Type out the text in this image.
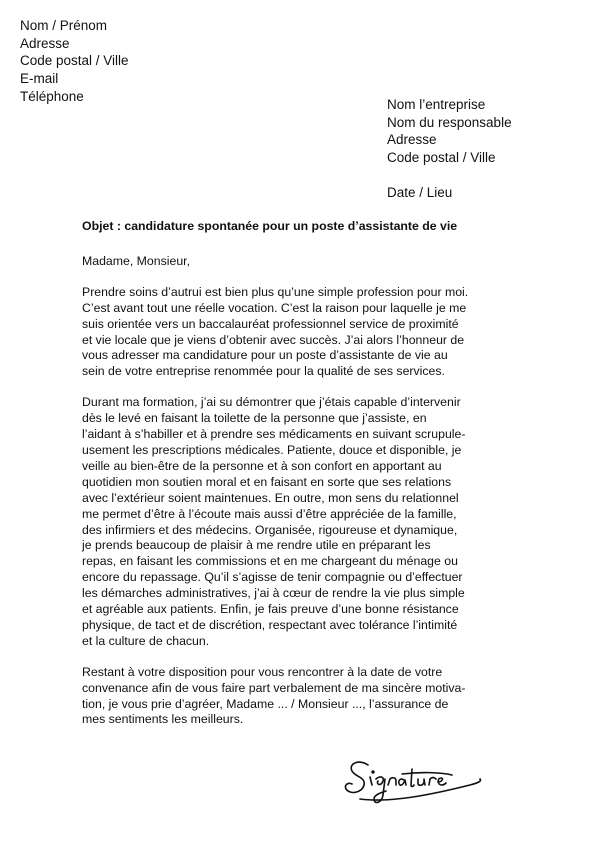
Nom / Prénom
Adresse
Code postal / Ville
E-mail
Téléphone
Nom l’entreprise
Nom du responsable
Adresse
Code postal / Ville
Date / Lieu
Objet : candidature spontanée pour un poste d’assistante de vie
Madame, Monsieur,
Prendre soins d’autrui est bien plus qu’une simple profession pour moi.
C’est avant tout une réelle vocation. C’est la raison pour laquelle je me
suis orientée vers un baccalauréat professionnel service de proximité
et vie locale que je viens d’obtenir avec succès. J’ai alors l’honneur de
vous adresser ma candidature pour un poste d’assistante de vie au
sein de votre entreprise renommée pour la qualité de ses services.
Durant ma formation, j’ai su démontrer que j’étais capable d’intervenir
dès le levé en faisant la toilette de la personne que j’assiste, en
l’aidant à s’habiller et à prendre ses médicaments en suivant scrupule-
usement les prescriptions médicales. Patiente, douce et disponible, je
veille au bien-être de la personne et à son confort en apportant au
quotidien mon soutien moral et en faisant en sorte que ses relations
avec l’extérieur soient maintenues. En outre, mon sens du relationnel
me permet d’être à l’écoute mais aussi d’être appréciée de la famille,
des infirmiers et des médecins. Organisée, rigoureuse et dynamique,
je prends beaucoup de plaisir à me rendre utile en préparant les
repas, en faisant les commissions et en me chargeant du ménage ou
encore du repassage. Qu’il s’agisse de tenir compagnie ou d’effectuer
les démarches administratives, j’ai à cœur de rendre la vie plus simple
et agréable aux patients. Enfin, je fais preuve d’une bonne résistance
physique, de tact et de discrétion, respectant avec tolérance l’intimité
et la culture de chacun.
Restant à votre disposition pour vous rencontrer à la date de votre
convenance afin de vous faire part verbalement de ma sincère motiva-
tion, je vous prie d’agréer, Madame ... / Monsieur ..., l’assurance de
mes sentiments les meilleurs.
